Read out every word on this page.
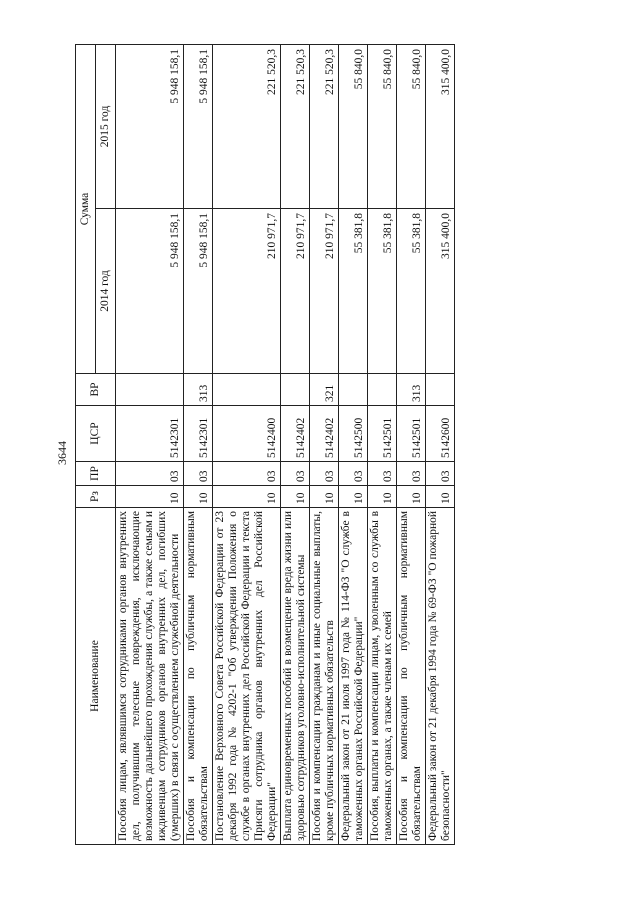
3644
Наименование	Рз	ПР	ЦСР	ВР	Сумма	
					2014 год	2015 год
Пособия лицам, являвшимся сотрудниками органов внутренних дел, получившим телесные повреждения, исключающие возможность дальнейшего прохождения службы, а также семьям и иждивенцам сотрудников органов внутренних дел, погибших (умерших) в связи с осуществлением служебной деятельности	10	03	5142301		5 948 158,1	5 948 158,1
Пособия и компенсации по публичным нормативным обязательствам	10	03	5142301	313	5 948 158,1	5 948 158,1
Постановление Верховного Совета Российской Федерации от 23 декабря 1992 года № 4202-1 "Об утверждении Положения о службе в органах внутренних дел Российской Федерации и текста Присяги сотрудника органов внутренних дел Российской Федерации"	10	03	5142400		210 971,7	221 520,3
Выплата единовременных пособий в возмещение вреда жизни или здоровью сотрудников уголовно-исполнительной системы	10	03	5142402		210 971,7	221 520,3
Пособия и компенсации гражданам и иные социальные выплаты, кроме публичных нормативных обязательств	10	03	5142402	321	210 971,7	221 520,3
Федеральный закон от 21 июля 1997 года № 114-ФЗ "О службе в таможенных органах Российской Федерации"	10	03	5142500		55 381,8	55 840,0
Пособия, выплаты и компенсации лицам, уволенным со службы в таможенных органах, а также членам их семей	10	03	5142501		55 381,8	55 840,0
Пособия и компенсации по публичным нормативным обязательствам	10	03	5142501	313	55 381,8	55 840,0
Федеральный закон от 21 декабря 1994 года № 69-ФЗ "О пожарной безопасности"	10	03	5142600		315 400,0	315 400,0
